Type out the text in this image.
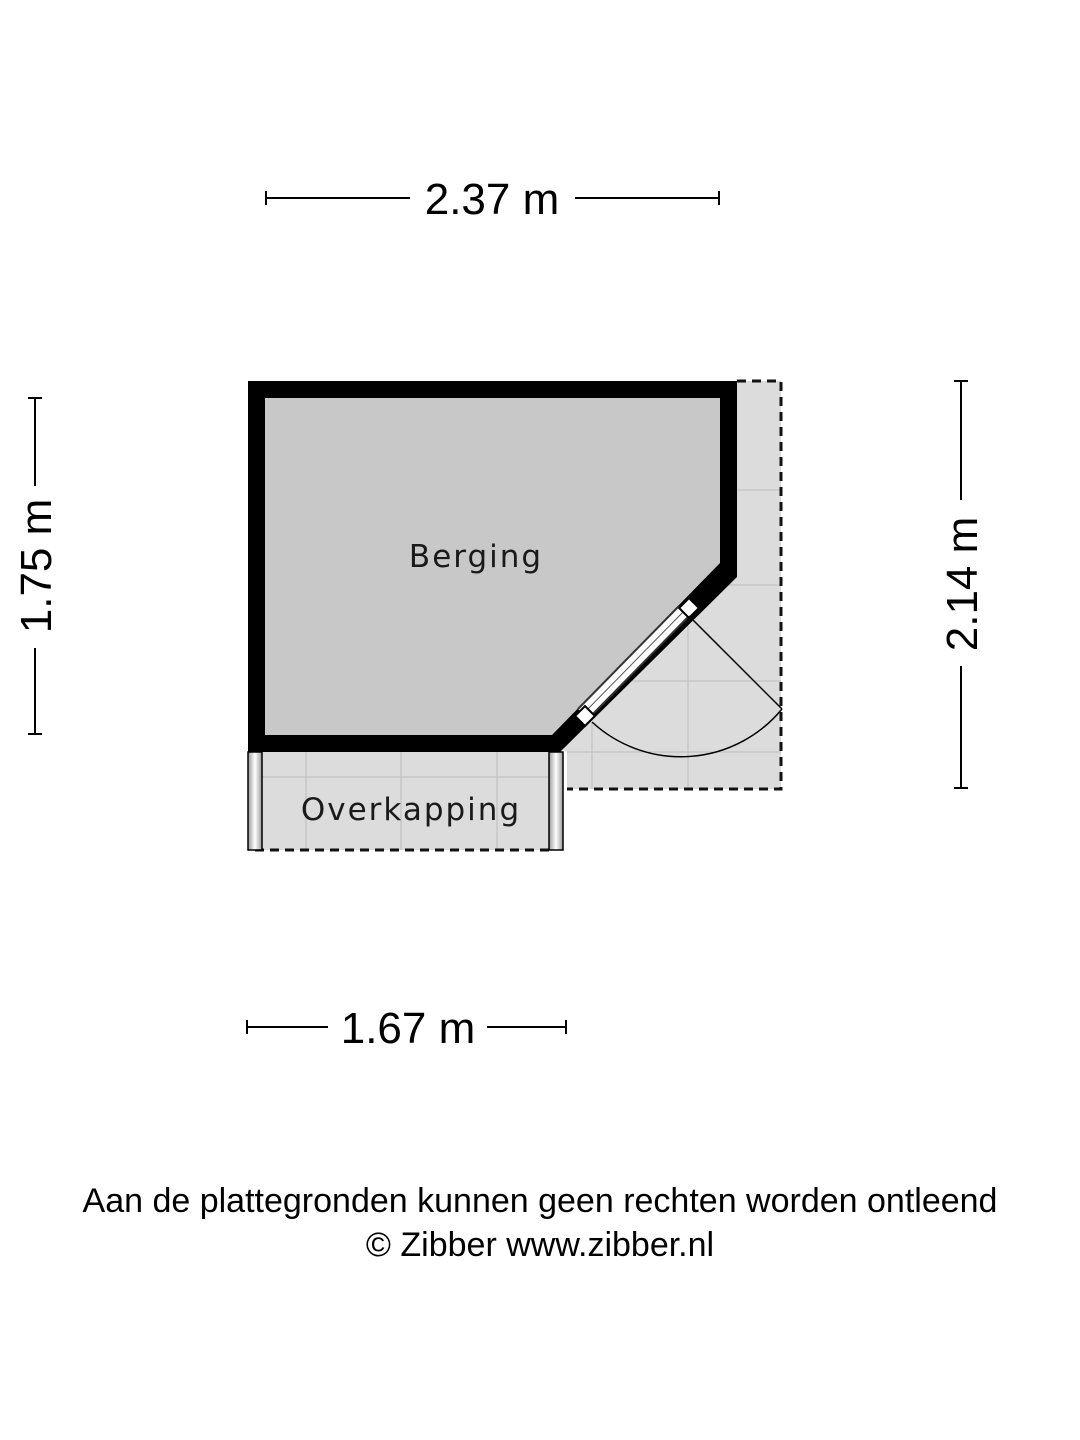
Berging
Overkapping
2.37 m
1.75 m	2.14 m
1.67 m
Aan de plattegronden kunnen geen rechten worden ontleend
© Zibber www.zibber.nl
